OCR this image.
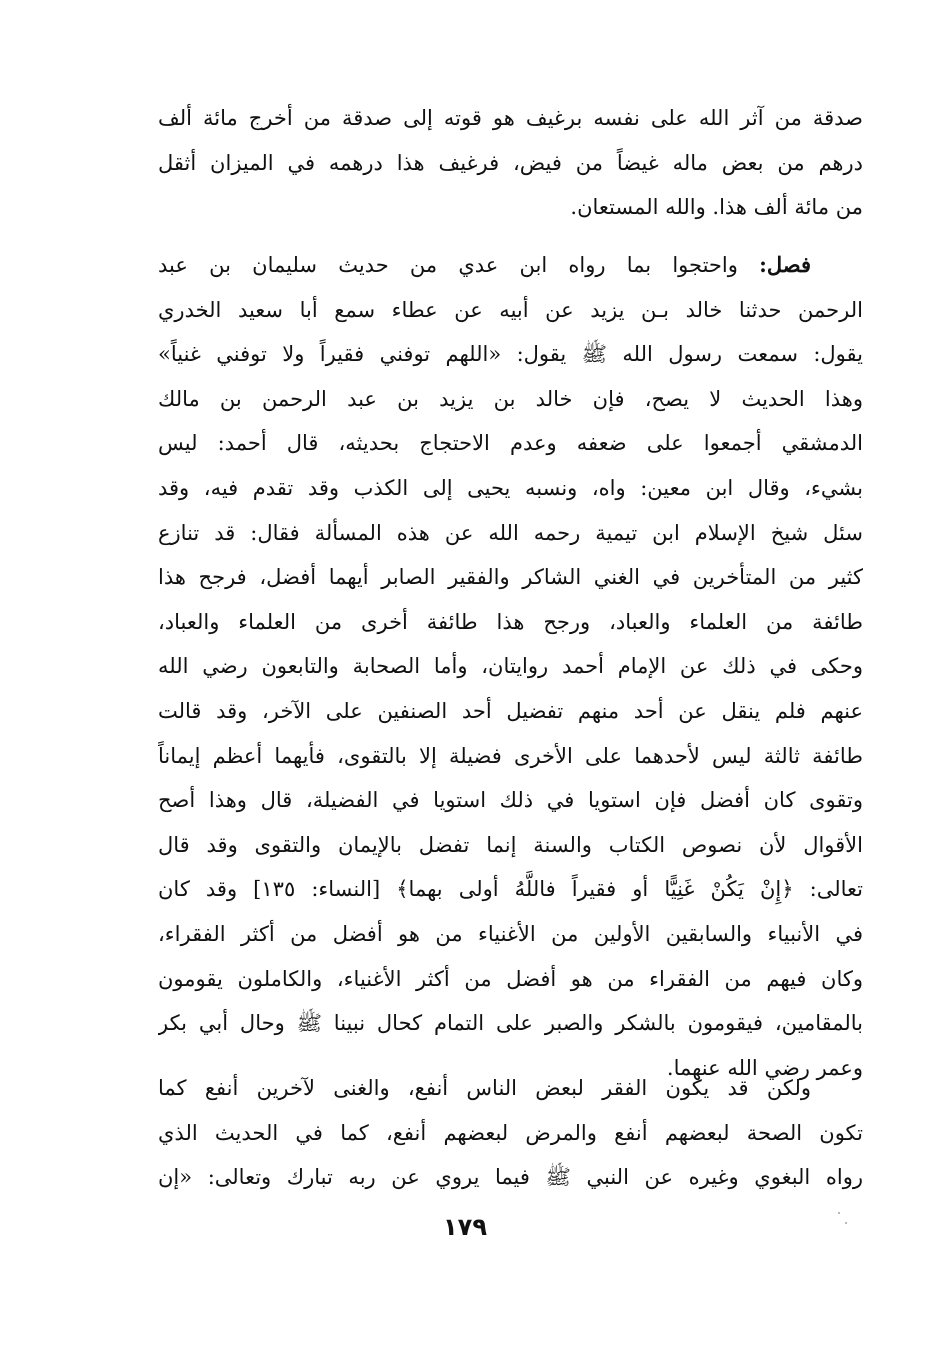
صدقة من آثر الله على نفسه برغيف هو قوته إلى صدقة من أخرج مائة ألف
درهم من بعض ماله غيضاً من فيض، فرغيف هذا درهمه في الميزان أثقل
من مائة ألف هذا. والله المستعان.
فصل: واحتجوا بما رواه ابن عدي من حديث سليمان بن عبد
الرحمن حدثنا خالد بـن يزيد عن أبيه عن عطاء سمع أبا سعيد الخدري
يقول: سمعت رسول الله ﷺ يقول: «اللهم توفني فقيراً ولا توفني غنياً»
وهذا الحديث لا يصح، فإن خالد بن يزيد بن عبد الرحمن بن مالك
الدمشقي أجمعوا على ضعفه وعدم الاحتجاج بحديثه، قال أحمد: ليس
بشيء، وقال ابن معين: واه، ونسبه يحيى إلى الكذب وقد تقدم فيه، وقد
سئل شيخ الإسلام ابن تيمية رحمه الله عن هذه المسألة فقال: قد تنازع
كثير من المتأخرين في الغني الشاكر والفقير الصابر أيهما أفضل، فرجح هذا
طائفة من العلماء والعباد، ورجح هذا طائفة أخرى من العلماء والعباد،
وحكى في ذلك عن الإمام أحمد روايتان، وأما الصحابة والتابعون رضي الله
عنهم فلم ينقل عن أحد منهم تفضيل أحد الصنفين على الآخر، وقد قالت
طائفة ثالثة ليس لأحدهما على الأخرى فضيلة إلا بالتقوى، فأيهما أعظم إيماناً
وتقوى كان أفضل فإن استويا في ذلك استويا في الفضيلة، قال وهذا أصح
الأقوال لأن نصوص الكتاب والسنة إنما تفضل بالإيمان والتقوى وقد قال
تعالى: ﴿إِنْ يَكُنْ غَنِيًّا أو فقيراً فاللَّهُ أولى بهما﴾ [النساء: ١٣٥] وقد كان
في الأنبياء والسابقين الأولين من الأغنياء من هو أفضل من أكثر الفقراء،
وكان فيهم من الفقراء من هو أفضل من أكثر الأغنياء، والكاملون يقومون
بالمقامين، فيقومون بالشكر والصبر على التمام كحال نبينا ﷺ وحال أبي بكر
وعمر رضي الله عنهما.
ولكن قد يكون الفقر لبعض الناس أنفع، والغنى لآخرين أنفع كما
تكون الصحة لبعضهم أنفع والمرض لبعضهم أنفع، كما في الحديث الذي
رواه البغوي وغيره عن النبي ﷺ فيما يروي عن ربه تبارك وتعالى: «إن
١٧٩
